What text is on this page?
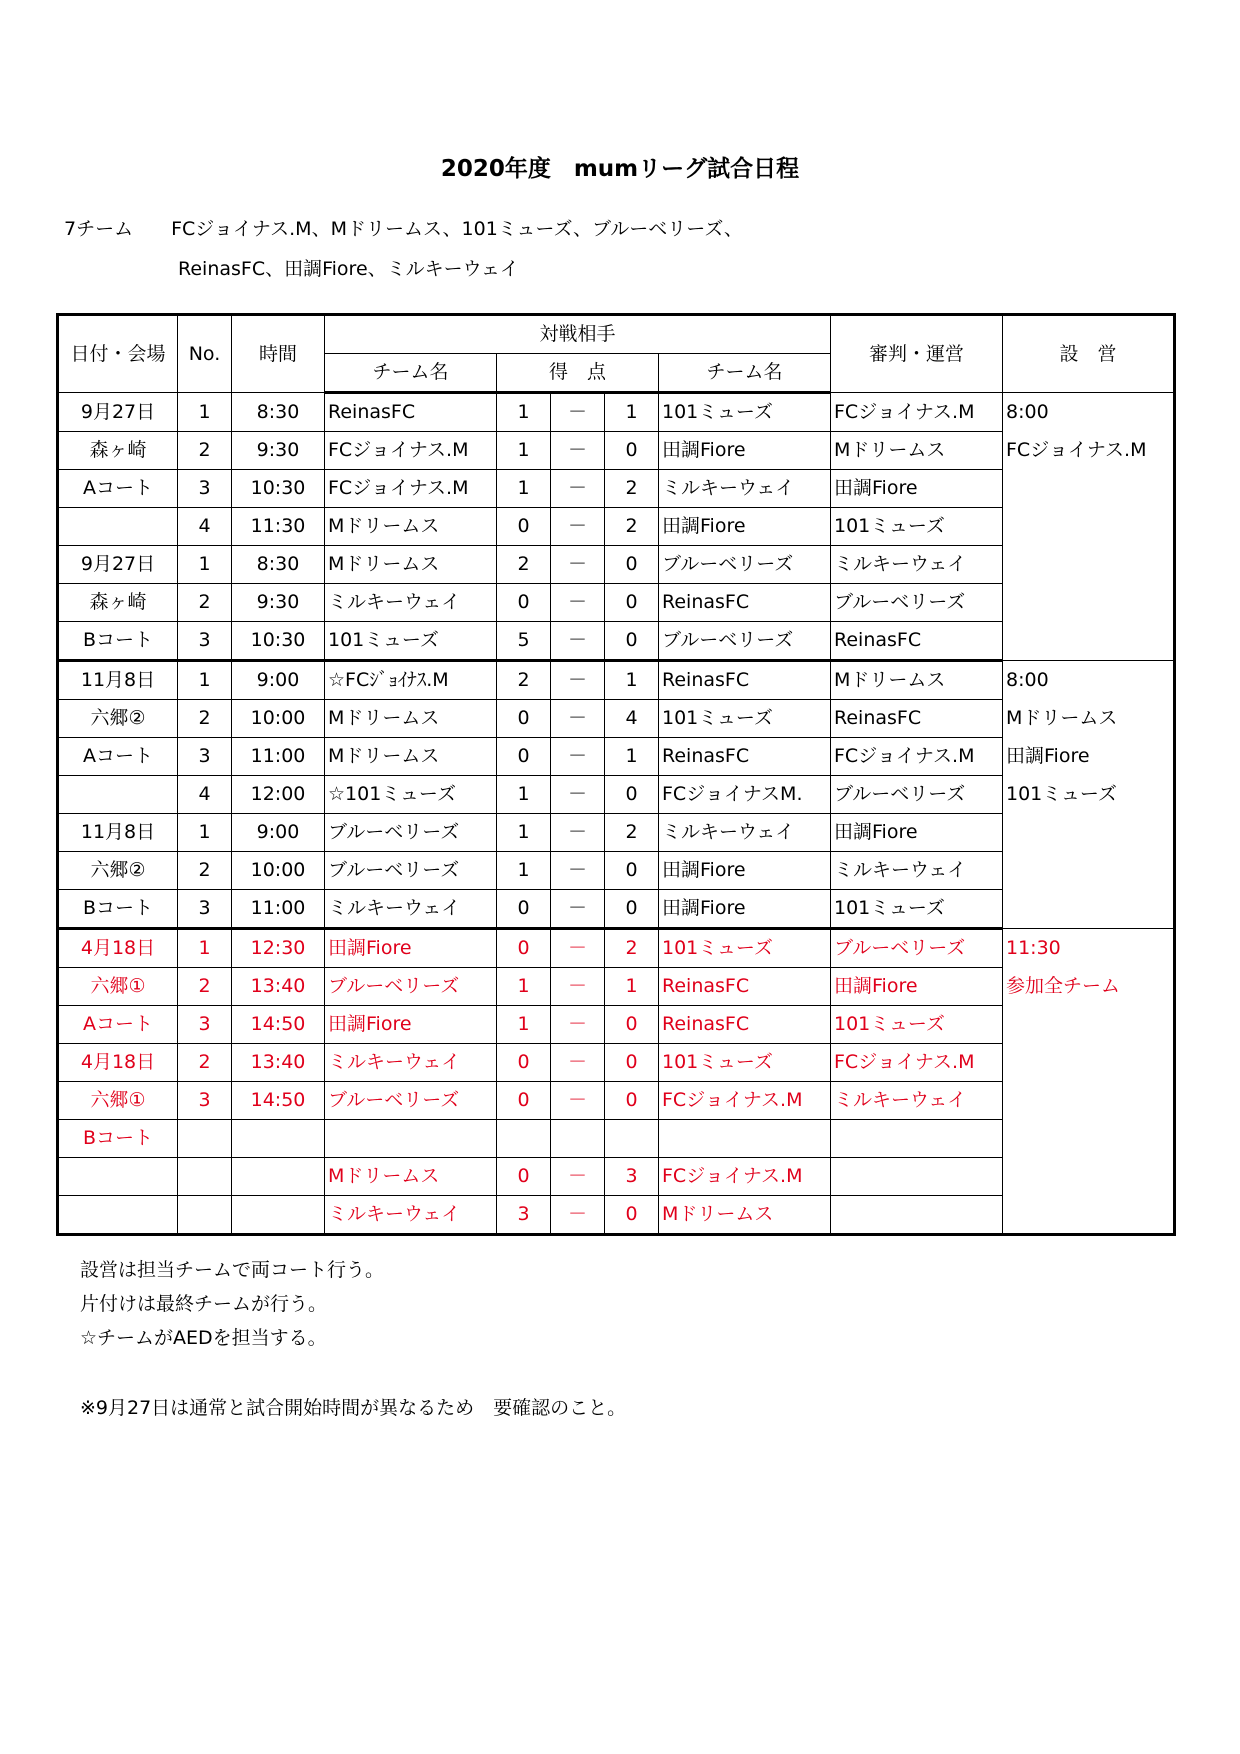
2020年度　mumリーグ試合日程
7チーム　　FCジョイナス.M、Mドリームス、101ミューズ、ブルーベリーズ、
ReinasFC、田調Fiore、ミルキーウェイ
日付・会場	No.	時間	対戦相手					審判・運営	設　営
			チーム名	得　点			チーム名		
9月27日	1	8:30	ReinasFC	1	－	1	101ミューズ	FCジョイナス.M	8:00
FCジョイナス.M

森ヶ崎	2	9:30	FCジョイナス.M	1	－	0	田調Fiore	Mドリームス	
Aコート	3	10:30	FCジョイナス.M	1	－	2	ミルキーウェイ	田調Fiore	
	4	11:30	Mドリームス	0	－	2	田調Fiore	101ミューズ	
9月27日	1	8:30	Mドリームス	2	－	0	ブルーベリーズ	ミルキーウェイ	
森ヶ崎	2	9:30	ミルキーウェイ	0	－	0	ReinasFC	ブルーベリーズ	
Bコート	3	10:30	101ミューズ	5	－	0	ブルーベリーズ	ReinasFC	
11月8日	1	9:00	☆FCｼﾞｮｲﾅｽ.M	2	－	1	ReinasFC	Mドリームス	8:00
Mドリームス
田調Fiore
101ミューズ

六郷②	2	10:00	Mドリームス	0	－	4	101ミューズ	ReinasFC	
Aコート	3	11:00	Mドリームス	0	－	1	ReinasFC	FCジョイナス.M	
	4	12:00	☆101ミューズ	1	－	0	FCジョイナスM.	ブルーベリーズ	
11月8日	1	9:00	ブルーベリーズ	1	－	2	ミルキーウェイ	田調Fiore	
六郷②	2	10:00	ブルーベリーズ	1	－	0	田調Fiore	ミルキーウェイ	
Bコート	3	11:00	ミルキーウェイ	0	－	0	田調Fiore	101ミューズ	
4月18日	1	12:30	田調Fiore	0	－	2	101ミューズ	ブルーベリーズ	11:30
参加全チーム

六郷①	2	13:40	ブルーベリーズ	1	－	1	ReinasFC	田調Fiore	
Aコート	3	14:50	田調Fiore	1	－	0	ReinasFC	101ミューズ	
4月18日	2	13:40	ミルキーウェイ	0	－	0	101ミューズ	FCジョイナス.M	
六郷①	3	14:50	ブルーベリーズ	0	－	0	FCジョイナス.M	ミルキーウェイ	
Bコート									
			Mドリームス	0	－	3	FCジョイナス.M		
			ミルキーウェイ	3	－	0	Mドリームス		
設営は担当チームで両コート行う。
片付けは最終チームが行う。
☆チームがAEDを担当する。
※9月27日は通常と試合開始時間が異なるため　要確認のこと。
